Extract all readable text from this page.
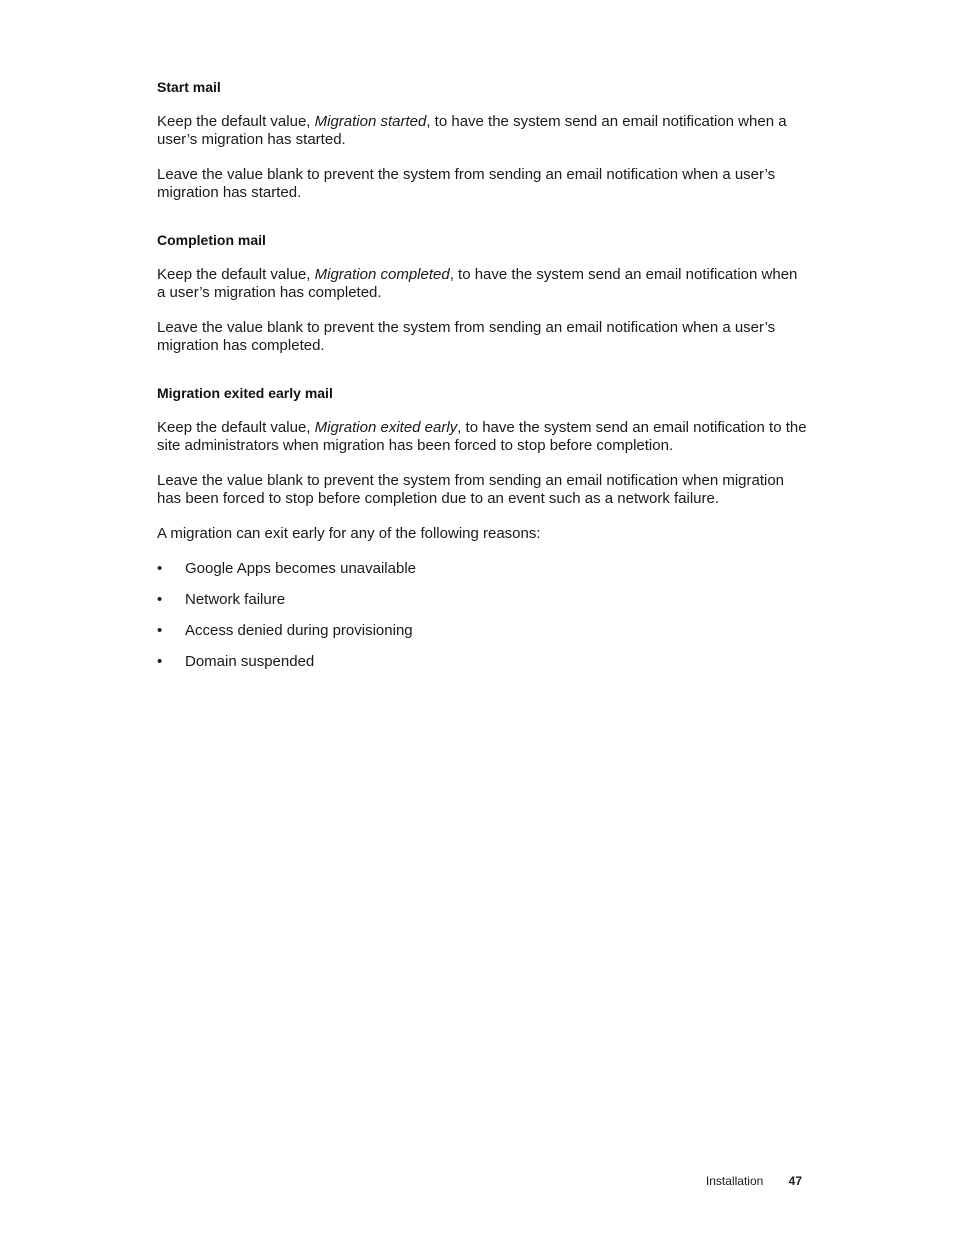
Start mail

Keep the default value, Migration started, to have the system send an email notification when a user’s migration has started.

Leave the value blank to prevent the system from sending an email notification when a user’s migration has started.

Completion mail

Keep the default value, Migration completed, to have the system send an email notification when a user’s migration has completed.

Leave the value blank to prevent the system from sending an email notification when a user’s migration has completed.

Migration exited early mail

Keep the default value, Migration exited early, to have the system send an email notification to the site administrators when migration has been forced to stop before completion.

Leave the value blank to prevent the system from sending an email notification when migration has been forced to stop before completion due to an event such as a network failure.

A migration can exit early for any of the following reasons:

• Google Apps becomes unavailable
• Network failure
• Access denied during provisioning
• Domain suspended
Installation 47
